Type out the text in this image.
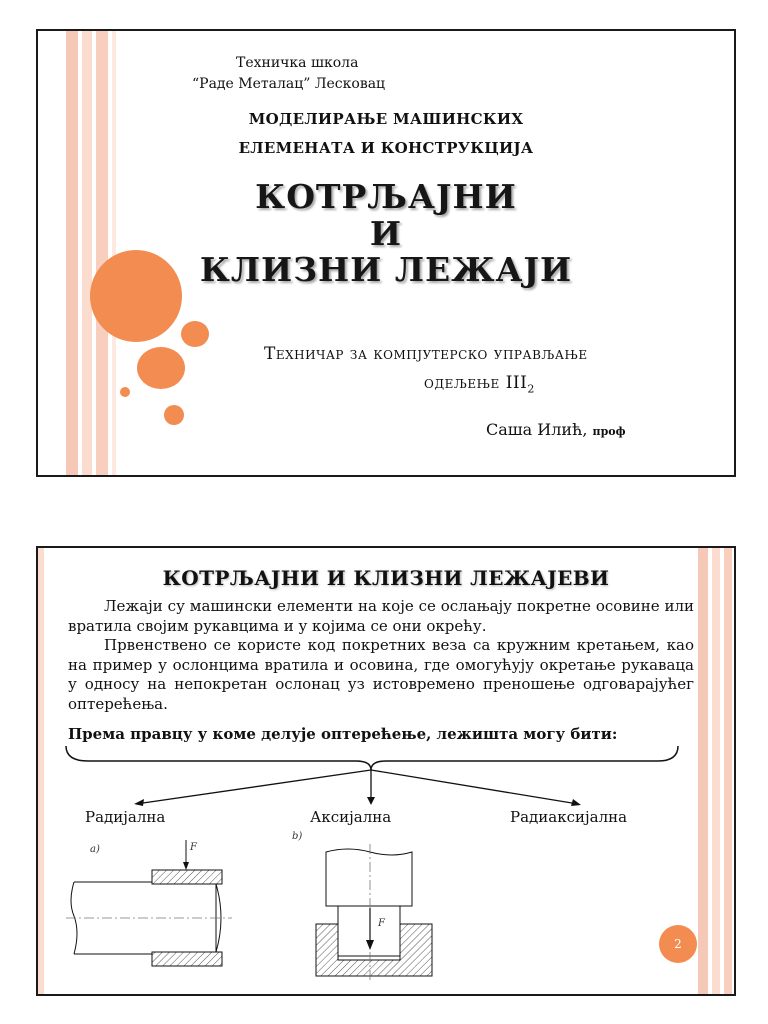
Техничка школа
“Раде Металац” Лесковац
МОДЕЛИРАЊЕ МАШИНСКИХ
ЕЛЕМЕНАТА И КОНСТРУКЦИЈА
КОТРЉАЈНИ
И
КЛИЗНИ ЛЕЖАЈИ
Техничар за компјутерско управљање
одељење $III_2$
Саша Илић, проф
КОТРЉАЈНИ И КЛИЗНИ ЛЕЖАЈЕВИ

Лежаји су машински елементи на које се ослањају покретне осовине или вратила својим рукавцима и у којима се они окрећу.

Првенствено се користе код покретних веза са кружним кретањем, као на пример у ослонцима вратила и осовина, где омогућују окретање рукаваца у односу на непокретан ослонац уз истовремено преношење одговарајућег оптерећења.

Према правцу у коме делује оптерећење, лежишта могу бити:
Радијална	Аксијална	Радиаксијална
a)
b)
F
F
2
